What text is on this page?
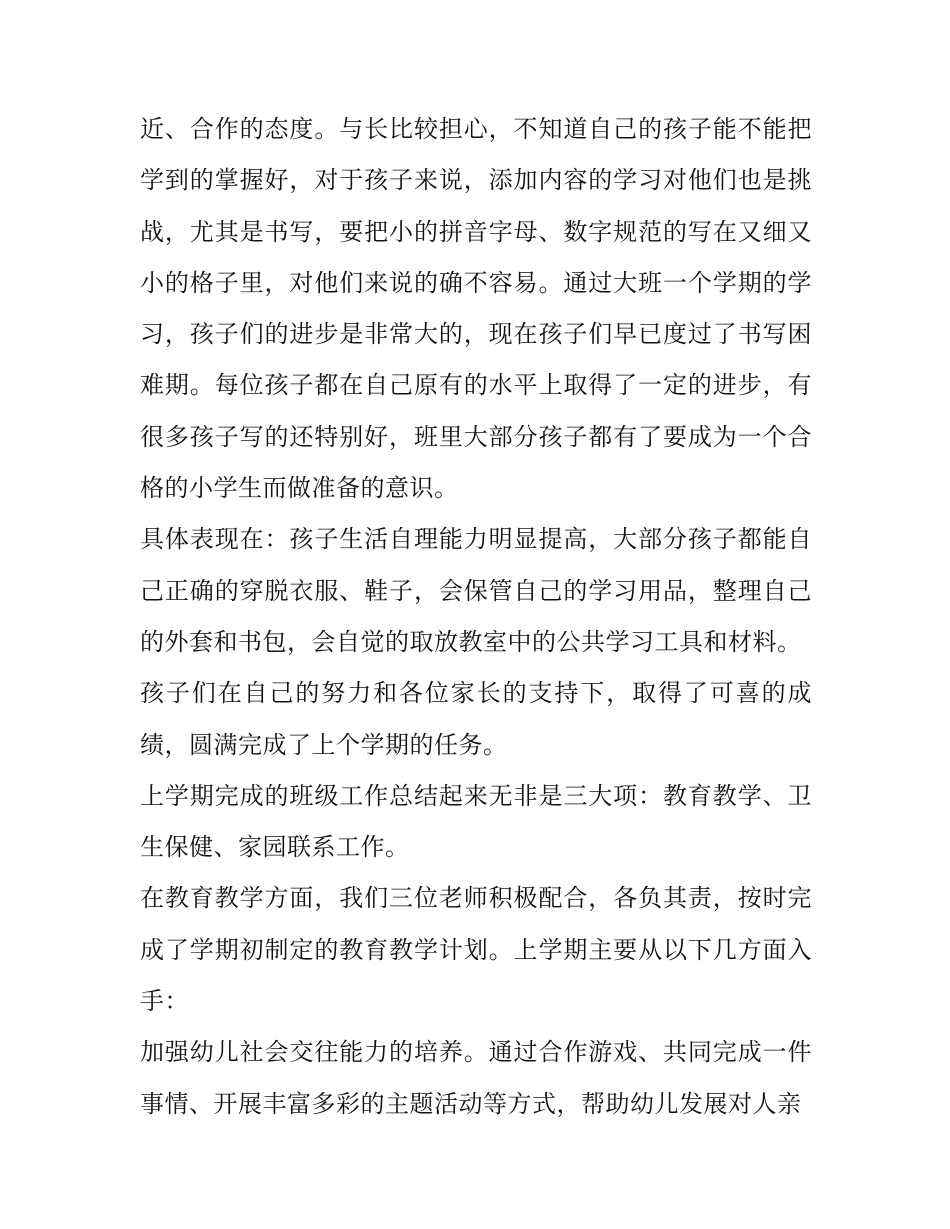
近、合作的态度。与长比较担心，不知道自己的孩子能不能把学到的掌握好，对于孩子来说，添加内容的学习对他们也是挑战，尤其是书写，要把小的拼音字母、数字规范的写在又细又小的格子里，对他们来说的确不容易。通过大班一个学期的学习，孩子们的进步是非常大的，现在孩子们早已度过了书写困难期。每位孩子都在自己原有的水平上取得了一定的进步，有很多孩子写的还特别好，班里大部分孩子都有了要成为一个合格的小学生而做准备的意识。

具体表现在：孩子生活自理能力明显提高，大部分孩子都能自己正确的穿脱衣服、鞋子，会保管自己的学习用品，整理自己的外套和书包，会自觉的取放教室中的公共学习工具和材料。

孩子们在自己的努力和各位家长的支持下，取得了可喜的成绩，圆满完成了上个学期的任务。

上学期完成的班级工作总结起来无非是三大项：教育教学、卫生保健、家园联系工作。

在教育教学方面，我们三位老师积极配合，各负其责，按时完成了学期初制定的教育教学计划。上学期主要从以下几方面入手：

加强幼儿社会交往能力的培养。通过合作游戏、共同完成一件事情、开展丰富多彩的主题活动等方式，帮助幼儿发展对人亲
